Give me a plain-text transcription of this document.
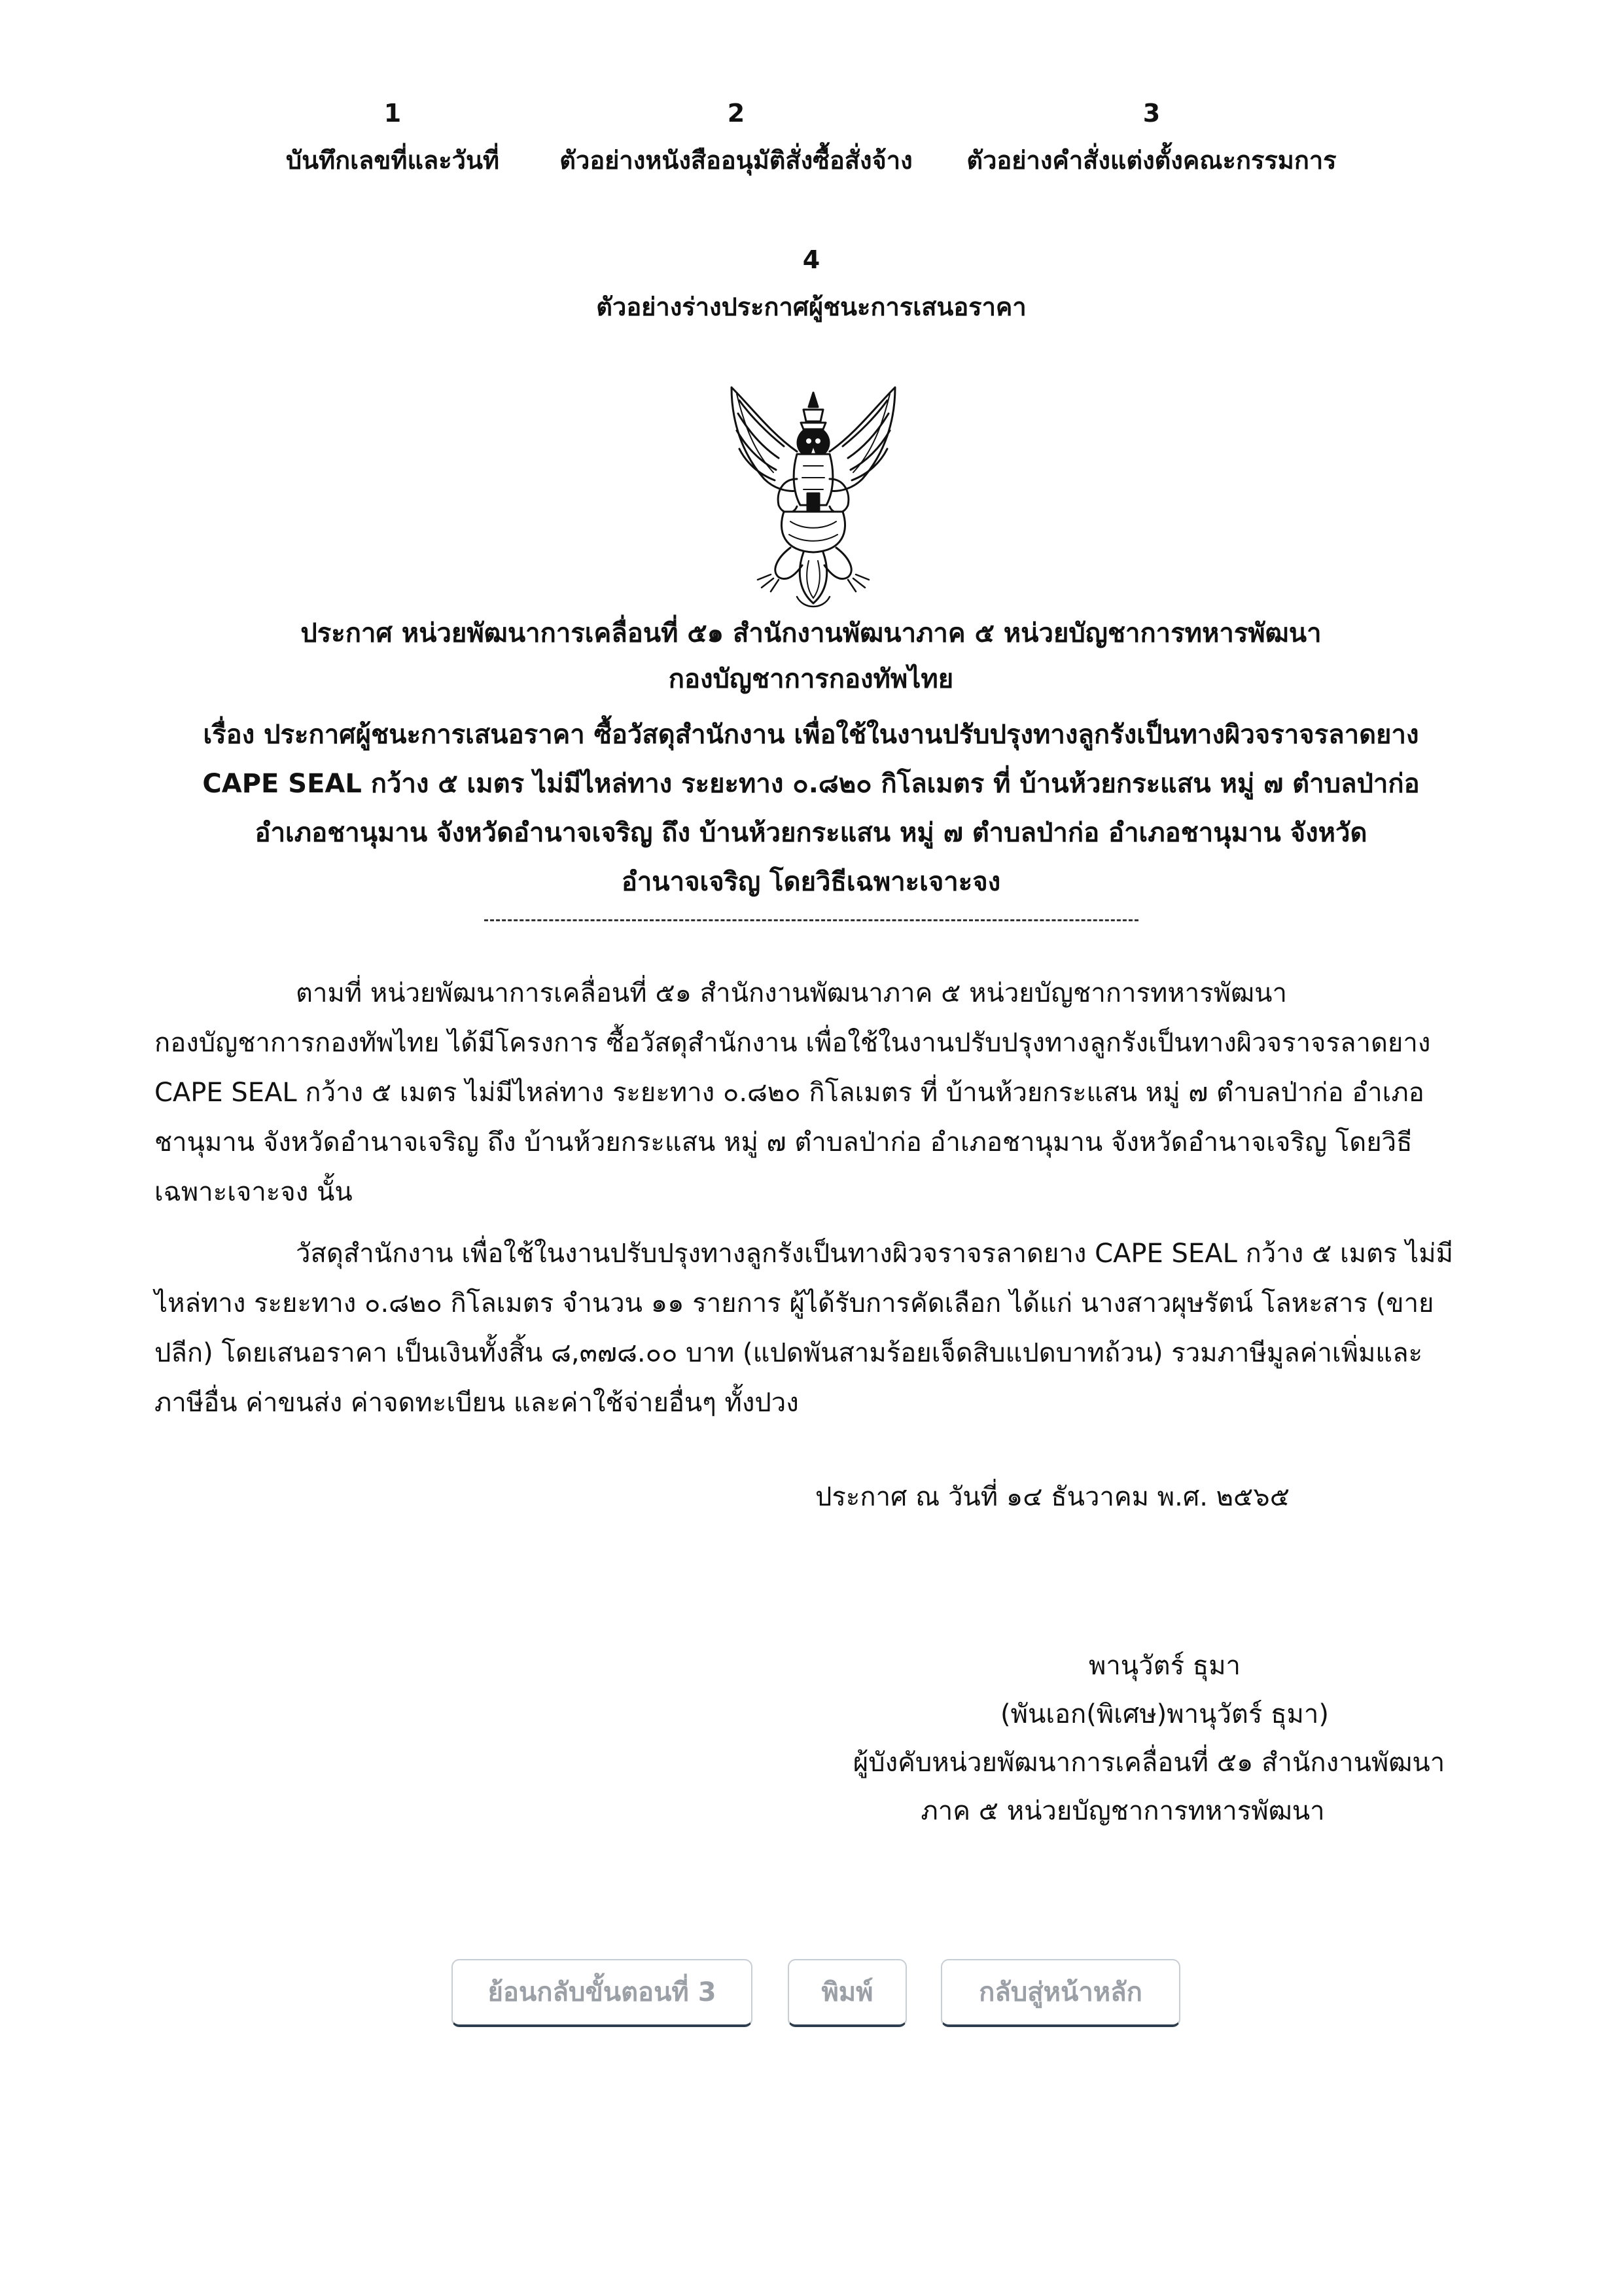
1
บันทึกเลขที่และวันที่
2
ตัวอย่างหนังสืออนุมัติสั่งซื้อสั่งจ้าง
3
ตัวอย่างคำสั่งแต่งตั้งคณะกรรมการ
4
ตัวอย่างร่างประกาศผู้ชนะการเสนอราคา
ประกาศ หน่วยพัฒนาการเคลื่อนที่ ๕๑ สำนักงานพัฒนาภาค ๕ หน่วยบัญชาการทหารพัฒนา
กองบัญชาการกองทัพไทย
เรื่อง ประกาศผู้ชนะการเสนอราคา ซื้อวัสดุสำนักงาน เพื่อใช้ในงานปรับปรุงทางลูกรังเป็นทางผิวจราจรลาดยาง
CAPE SEAL กว้าง ๕ เมตร ไม่มีไหล่ทาง ระยะทาง ๐.๘๒๐ กิโลเมตร ที่ บ้านห้วยกระแสน หมู่ ๗ ตำบลป่าก่อ
อำเภอชานุมาน จังหวัดอำนาจเจริญ ถึง บ้านห้วยกระแสน หมู่ ๗ ตำบลป่าก่อ อำเภอชานุมาน จังหวัด
อำนาจเจริญ โดยวิธีเฉพาะเจาะจง
ตามที่ หน่วยพัฒนาการเคลื่อนที่ ๕๑ สำนักงานพัฒนาภาค ๕ หน่วยบัญชาการทหารพัฒนา
กองบัญชาการกองทัพไทย ได้มีโครงการ ซื้อวัสดุสำนักงาน เพื่อใช้ในงานปรับปรุงทางลูกรังเป็นทางผิวจราจรลาดยาง
CAPE SEAL กว้าง ๕ เมตร ไม่มีไหล่ทาง ระยะทาง ๐.๘๒๐ กิโลเมตร ที่ บ้านห้วยกระแสน หมู่ ๗ ตำบลป่าก่อ อำเภอ
ชานุมาน จังหวัดอำนาจเจริญ ถึง บ้านห้วยกระแสน หมู่ ๗ ตำบลป่าก่อ อำเภอชานุมาน จังหวัดอำนาจเจริญ โดยวิธี
เฉพาะเจาะจง นั้น
วัสดุสำนักงาน เพื่อใช้ในงานปรับปรุงทางลูกรังเป็นทางผิวจราจรลาดยาง CAPE SEAL กว้าง ๕ เมตร ไม่มี
ไหล่ทาง ระยะทาง ๐.๘๒๐ กิโลเมตร จำนวน ๑๑ รายการ ผู้ได้รับการคัดเลือก ได้แก่ นางสาวผุษรัตน์ โลหะสาร (ขาย
ปลีก) โดยเสนอราคา เป็นเงินทั้งสิ้น ๘,๓๗๘.๐๐ บาท (แปดพันสามร้อยเจ็ดสิบแปดบาทถ้วน) รวมภาษีมูลค่าเพิ่มและ
ภาษีอื่น ค่าขนส่ง ค่าจดทะเบียน และค่าใช้จ่ายอื่นๆ ทั้งปวง
ประกาศ ณ วันที่ ๑๔ ธันวาคม พ.ศ. ๒๕๖๕
พานุวัตร์ ธุมา
(พันเอก(พิเศษ)พานุวัตร์ ธุมา)
ผู้บังคับหน่วยพัฒนาการเคลื่อนที่ ๕๑ สำนักงานพัฒนา
ภาค ๕ หน่วยบัญชาการทหารพัฒนา
ย้อนกลับขั้นตอนที่ 3	พิมพ์	กลับสู่หน้าหลัก
